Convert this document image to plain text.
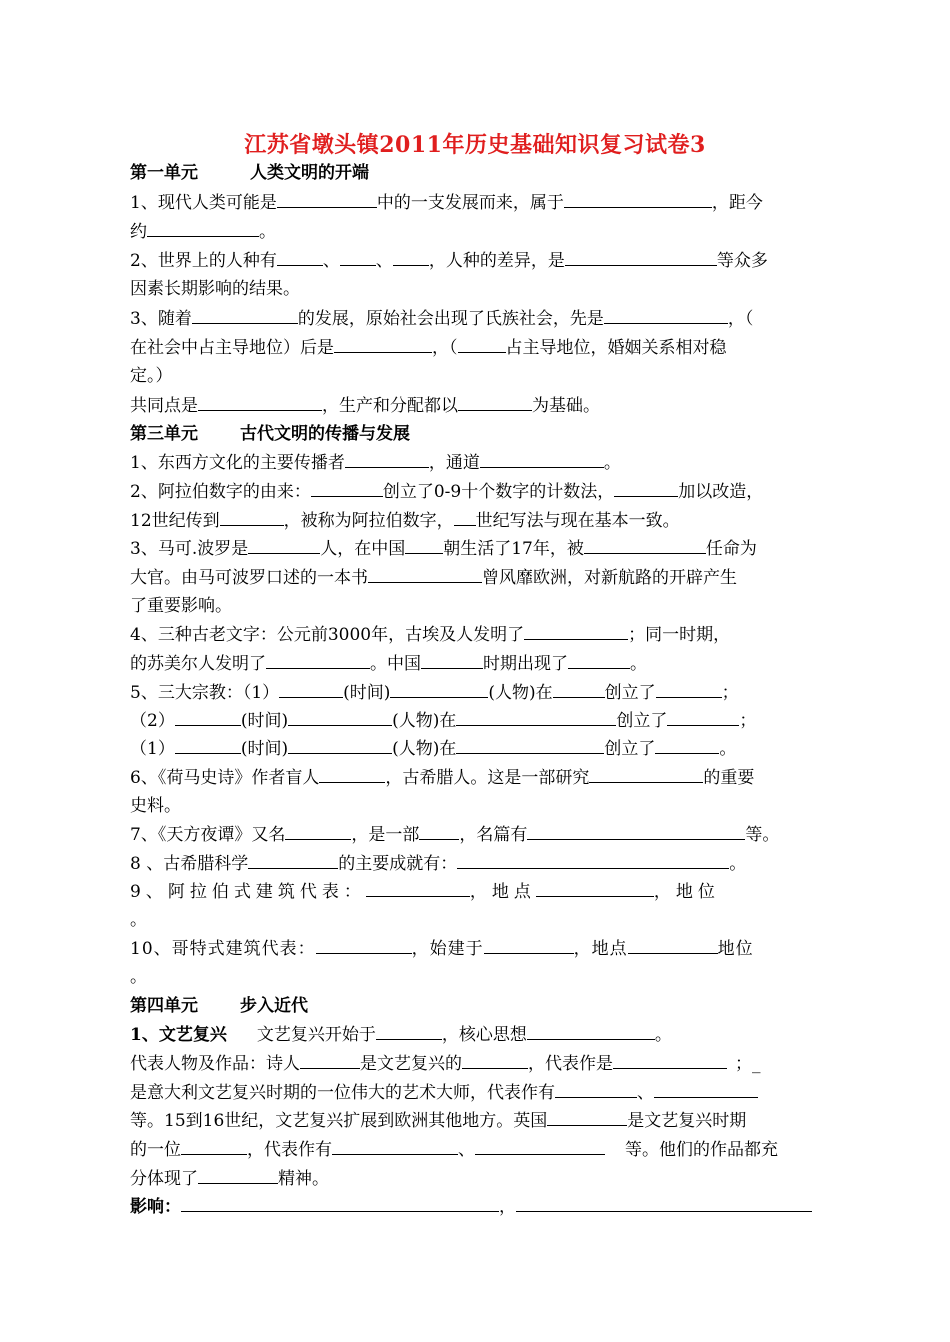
江苏省墩头镇2011年历史基础知识复习试卷3
第一单元	人类文明的开端
1、现代人类可能是	中的一支发展而来，属于	，距今
约	。
2、世界上的人种有	、 、 ，人种的差异，是	等众多
因素长期影响的结果。
3、随着	的发展，原始社会出现了氏族社会，先是	，（
在社会中占主导地位）后是	，（	占主导地位，婚姻关系相对稳
定。）
共同点是	，生产和分配都以	为基础。
第三单元 古代文明的传播与发展
1、东西方文化的主要传播者	，通道	。
2、阿拉伯数字的由来：	创立了0-9十个数字的计数法，	加以改造，
12世纪传到	，被称为阿拉伯数字， 世纪写法与现在基本一致。
3、马可.波罗是	人，在中国 朝生活了17年，被	任命为
大官。由马可波罗口述的一本书	曾风靡欧洲，对新航路的开辟产生
了重要影响。
4、三种古老文字：公元前3000年，古埃及人发明了	；同一时期，
的苏美尔人发明了	。中国	时期出现了	。
5、三大宗教：（1）	(时间)	(人物)在	创立了	；
（2）	(时间)	(人物)在	创立了	；
（1）	(时间)	(人物)在	创立了	。
6、《荷马史诗》作者盲人	，古希腊人。这是一部研究	的重要
史料。
7、《天方夜谭》又名	，是一部 ，名篇有	等。
8 、古希腊科学	的主要成就有：	。
9、阿拉伯式建筑代表：	，地点	，地位
。
10、哥特式建筑代表：	，始建于	，地点	地位
。
第四单元 步入近代
1、文艺复兴 文艺复兴开始于	，核心思想	。
代表人物及作品：诗人	是文艺复兴的	，代表作是	；_
是意大利文艺复兴时期的一位伟大的艺术大师，代表作有	、
等。15到16世纪，文艺复兴扩展到欧洲其他地方。英国	是文艺复兴时期
的一位	，代表作有	、	等。他们的作品都充
分体现了	精神。
影响：	，
